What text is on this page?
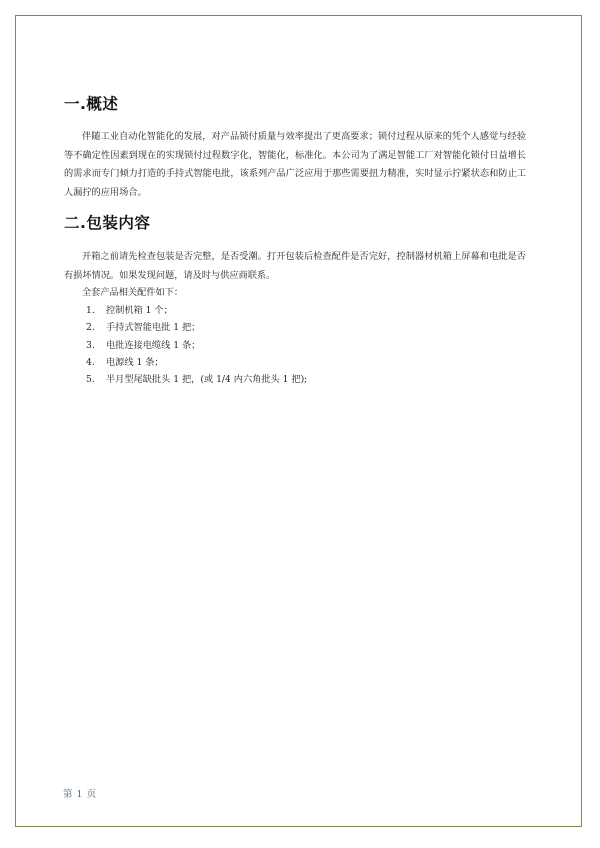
一.概述

伴随工业自动化智能化的发展，对产品锁付质量与效率提出了更高要求；锁付过程从原来的凭个人感觉与经验等不确定性因素到现在的实现锁付过程数字化，智能化，标准化。本公司为了满足智能工厂对智能化锁付日益增长的需求而专门倾力打造的手持式智能电批，该系列产品广泛应用于那些需要扭力精准，实时显示拧紧状态和防止工人漏拧的应用场合。

二.包装内容

开箱之前请先检查包装是否完整，是否受潮。打开包装后检查配件是否完好，控制器材机箱上屏幕和电批是否有损坏情况。如果发现问题，请及时与供应商联系。

全套产品相关配件如下：

1.	控制机箱 1 个；
2.	手持式智能电批 1 把；
3.	电批连接电缆线 1 条；
4.	电源线 1 条；
5.	半月型尾缺批头 1 把，(或 1/4 内六角批头 1 把);
第 1 页
